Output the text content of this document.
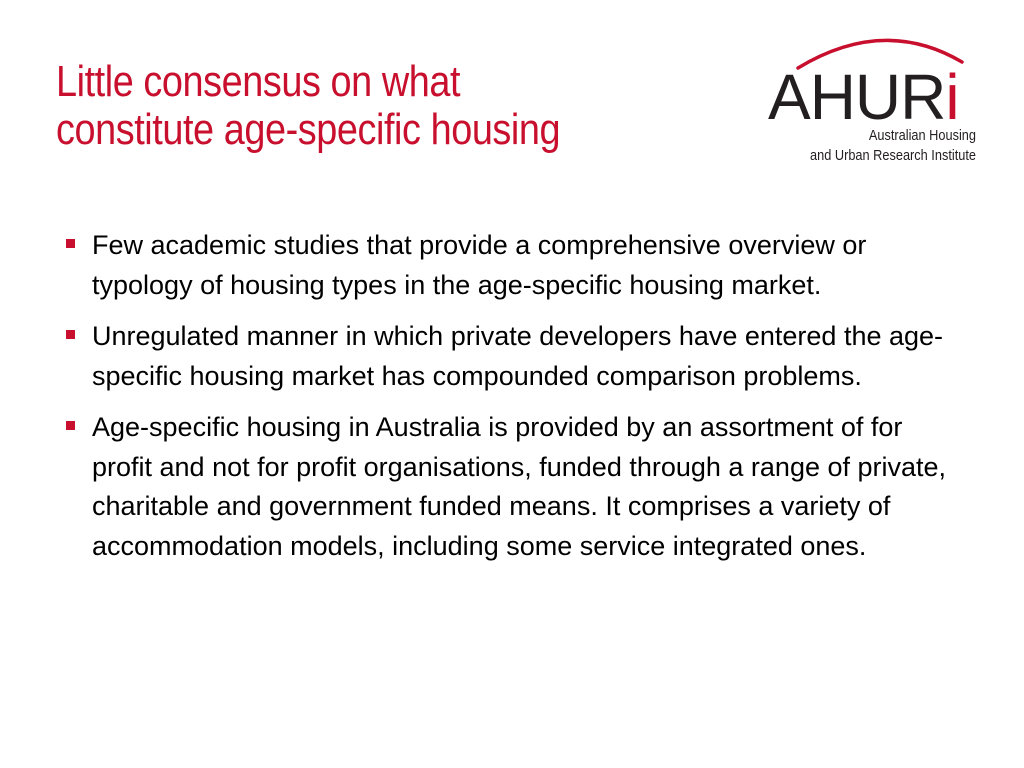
Little consensus on what
constitute age-specific housing	AHURi
Australian Housing
and Urban Research Institute
Few academic studies that provide a comprehensive overview or typology of housing types in the age-specific housing market.
Unregulated manner in which private developers have entered the age-specific housing market has compounded comparison problems.
Age-specific housing in Australia is provided by an assortment of for profit and not for profit organisations, funded through a range of private, charitable and government funded means. It comprises a variety of accommodation models, including some service integrated ones.
